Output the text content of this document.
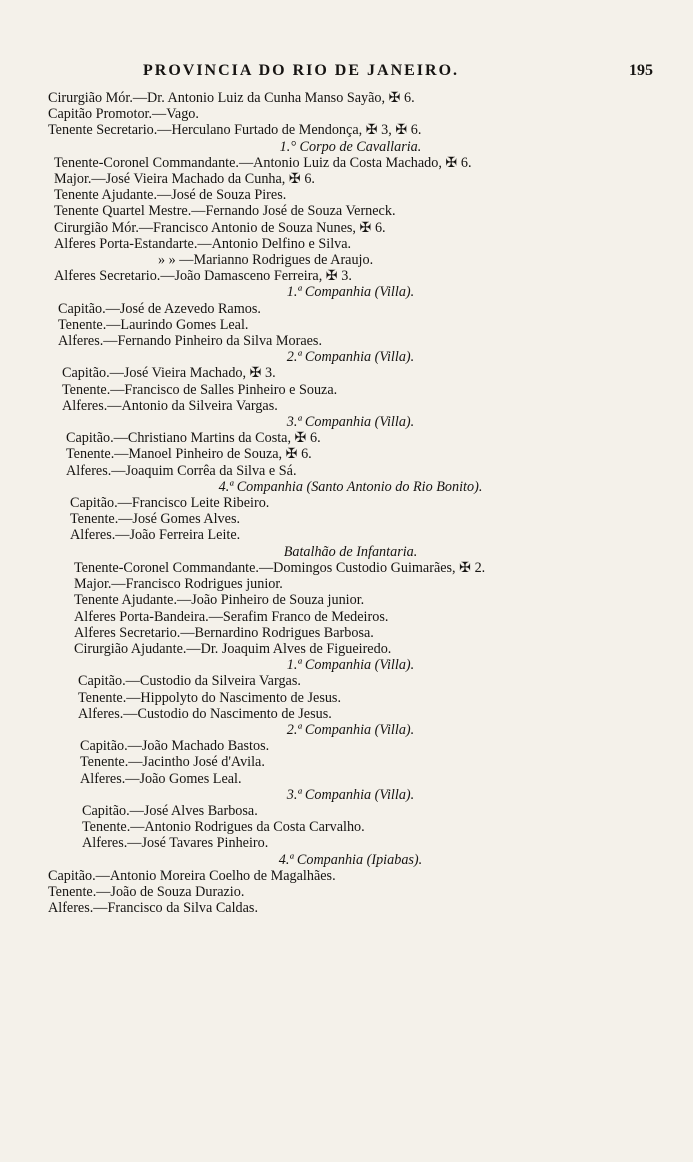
PROVINCIA DO RIO DE JANEIRO.	195
Cirurgião Mór.—Dr. Antonio Luiz da Cunha Manso Sayão, ✠ 6.
Capitão Promotor.—Vago.
Tenente Secretario.—Herculano Furtado de Mendonça, ✠ 3, ✠ 6.
1.° Corpo de Cavallaria.
Tenente-Coronel Commandante.—Antonio Luiz da Costa Machado, ✠ 6.
Major.—José Vieira Machado da Cunha, ✠ 6.
Tenente Ajudante.—José de Souza Pires.
Tenente Quartel Mestre.—Fernando José de Souza Verneck.
Cirurgião Mór.—Francisco Antonio de Souza Nunes, ✠ 6.
Alferes Porta-Estandarte.—Antonio Delfino e Silva.
» » —Marianno Rodrigues de Araujo.
Alferes Secretario.—João Damasceno Ferreira, ✠ 3.
1.ª Companhia (Villa).
Capitão.—José de Azevedo Ramos.
Tenente.—Laurindo Gomes Leal.
Alferes.—Fernando Pinheiro da Silva Moraes.
2.ª Companhia (Villa).
Capitão.—José Vieira Machado, ✠ 3.
Tenente.—Francisco de Salles Pinheiro e Souza.
Alferes.—Antonio da Silveira Vargas.
3.ª Companhia (Villa).
Capitão.—Christiano Martins da Costa, ✠ 6.
Tenente.—Manoel Pinheiro de Souza, ✠ 6.
Alferes.—Joaquim Corrêa da Silva e Sá.
4.ª Companhia (Santo Antonio do Rio Bonito).
Capitão.—Francisco Leite Ribeiro.
Tenente.—José Gomes Alves.
Alferes.—João Ferreira Leite.
Batalhão de Infantaria.
Tenente-Coronel Commandante.—Domingos Custodio Guimarães, ✠ 2.
Major.—Francisco Rodrigues junior.
Tenente Ajudante.—João Pinheiro de Souza junior.
Alferes Porta-Bandeira.—Serafim Franco de Medeiros.
Alferes Secretario.—Bernardino Rodrigues Barbosa.
Cirurgião Ajudante.—Dr. Joaquim Alves de Figueiredo.
1.ª Companhia (Villa).
Capitão.—Custodio da Silveira Vargas.
Tenente.—Hippolyto do Nascimento de Jesus.
Alferes.—Custodio do Nascimento de Jesus.
2.ª Companhia (Villa).
Capitão.—João Machado Bastos.
Tenente.—Jacintho José d'Avila.
Alferes.—João Gomes Leal.
3.ª Companhia (Villa).
Capitão.—José Alves Barbosa.
Tenente.—Antonio Rodrigues da Costa Carvalho.
Alferes.—José Tavares Pinheiro.
4.ª Companhia (Ipiabas).
Capitão.—Antonio Moreira Coelho de Magalhães.
Tenente.—João de Souza Durazio.
Alferes.—Francisco da Silva Caldas.
